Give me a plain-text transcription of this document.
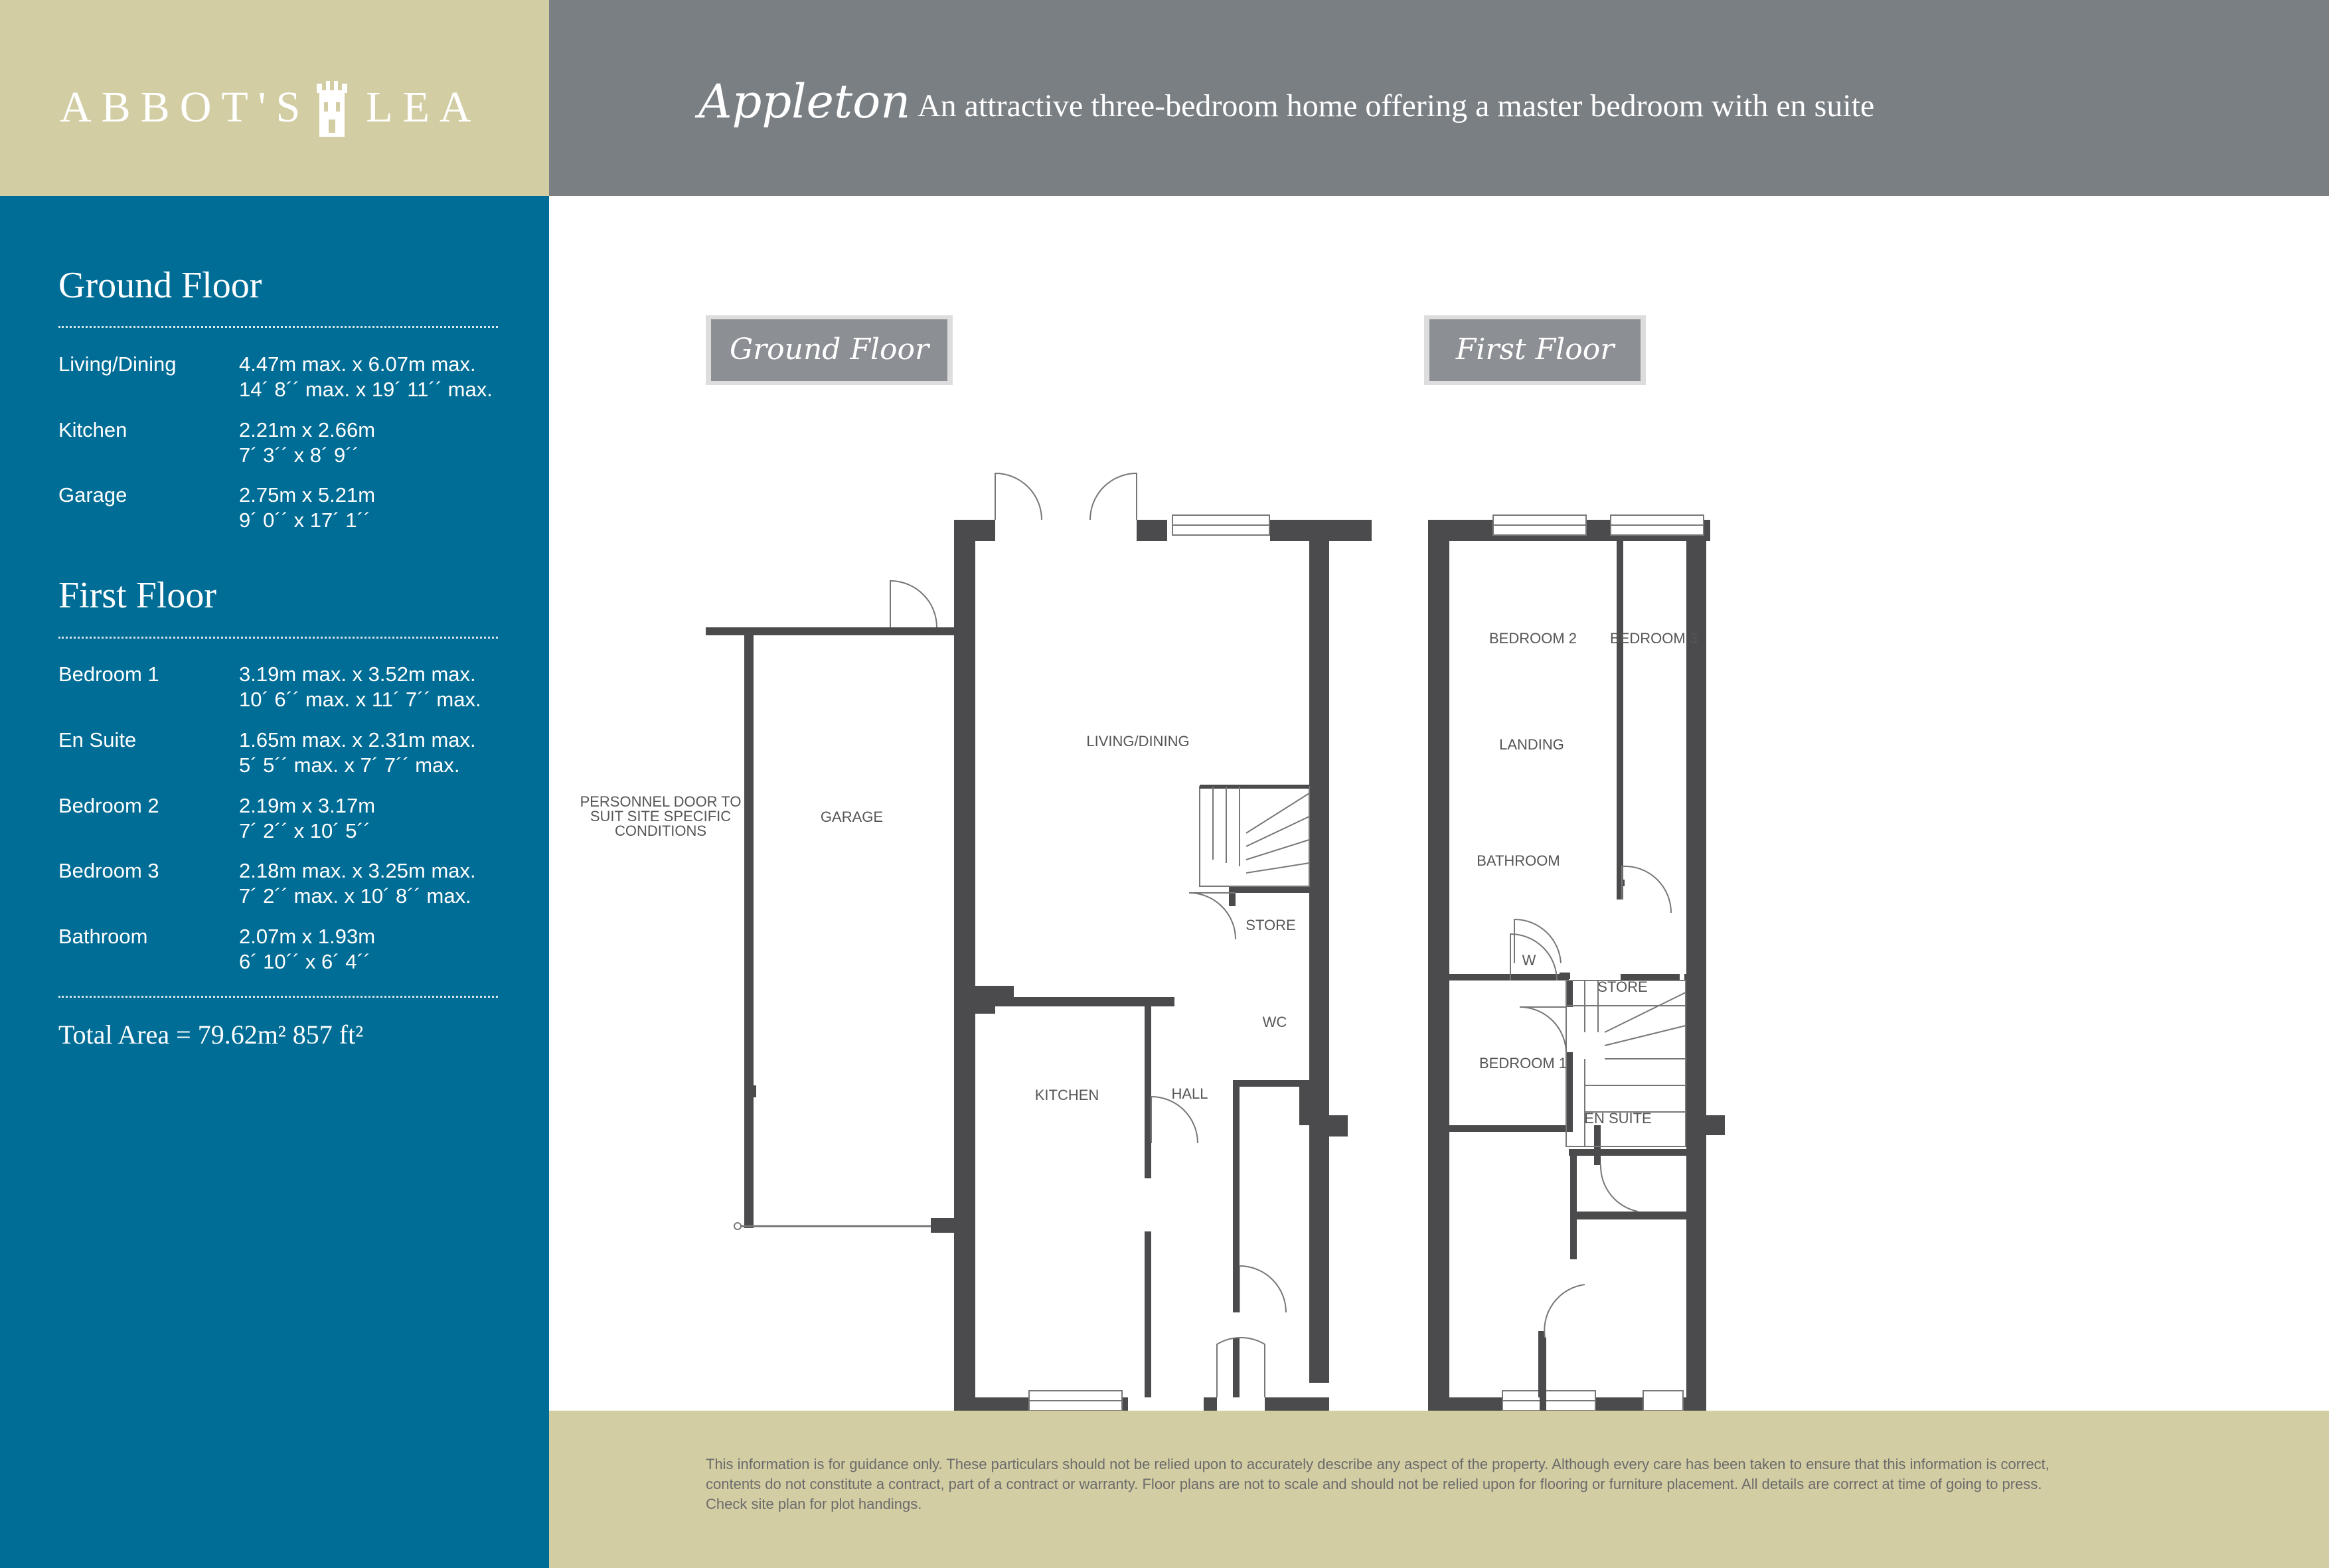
ABBOT'S LEA	Appleton An attractive three-bedroom home offering a master bedroom with en suite
Ground Floor
Living/Dining	4.47m max. x 6.07m max.
14´ 8´´ max. x 19´ 11´´ max.
Kitchen	2.21m x 2.66m
7´ 3´´ x 8´ 9´´
Garage	2.75m x 5.21m
9´ 0´´ x 17´ 1´´
First Floor
Bedroom 1	3.19m max. x 3.52m max.
10´ 6´´ max. x 11´ 7´´ max.
En Suite	1.65m max. x 2.31m max.
5´ 5´´ max. x 7´ 7´´ max.
Bedroom 2	2.19m x 3.17m
7´ 2´´ x 10´ 5´´
Bedroom 3	2.18m max. x 3.25m max.
7´ 2´´ max. x 10´ 8´´ max.
Bathroom	2.07m x 1.93m
6´ 10´´ x 6´ 4´´
Total Area = 79.62m² 857 ft²
Ground Floor	First Floor
LIVING/DINING
GARAGE
PERSONNEL DOOR TO
SUIT SITE SPECIFIC
CONDITIONS
STORE
WC
KITCHEN	HALL
BEDROOM 2 BEDROOM 3
LANDING
BATHROOM
W
STORE
BEDROOM 1
EN SUITE
This information is for guidance only. These particulars should not be relied upon to accurately describe any aspect of the property. Although every care has been taken to ensure that this information is correct, contents do not constitute a contract, part of a contract or warranty. Floor plans are not to scale and should not be relied upon for flooring or furniture placement. All details are correct at time of going to press. Check site plan for plot handings.
